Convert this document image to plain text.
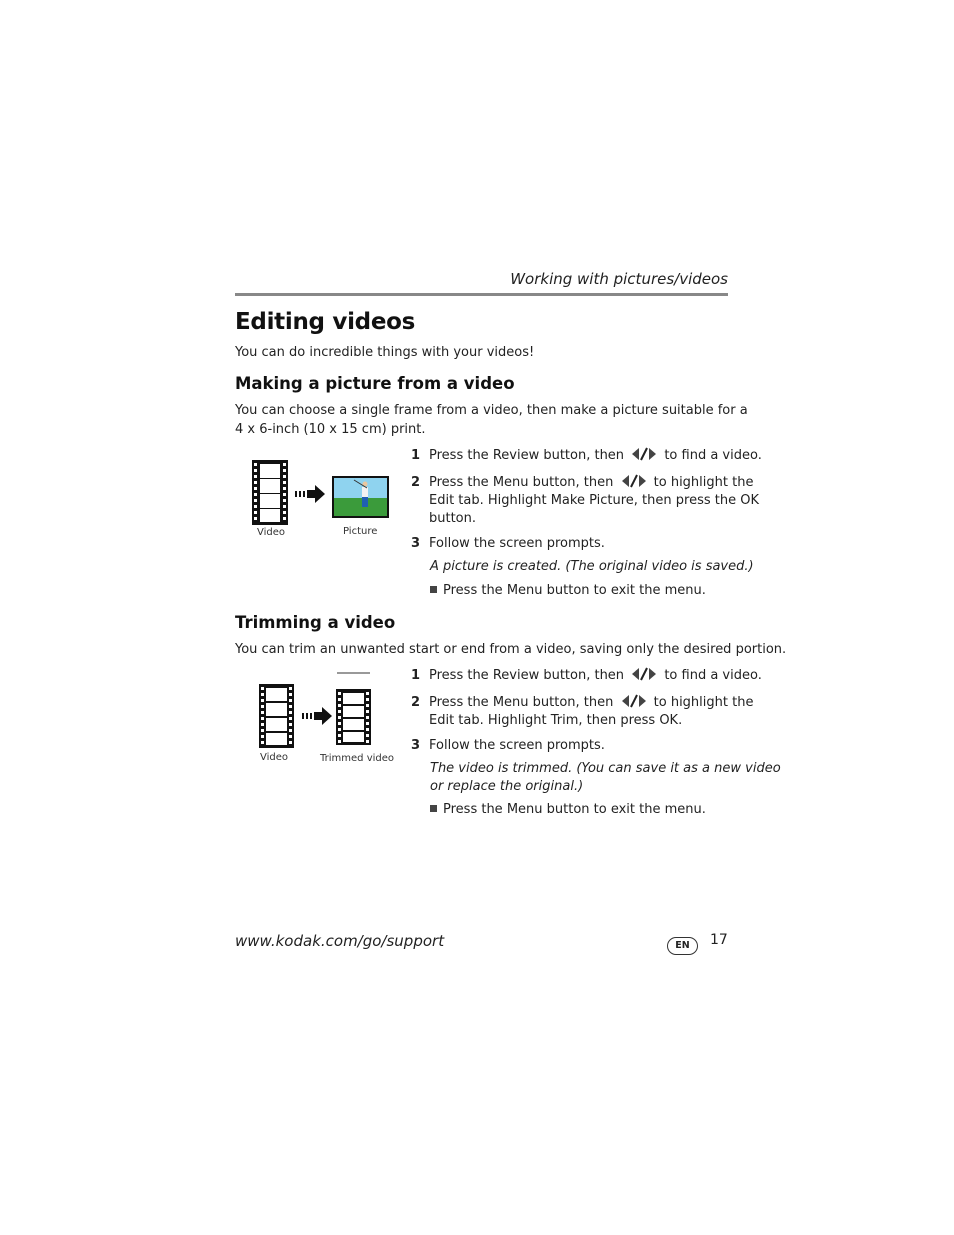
Working with pictures/videos
Editing videos
You can do incredible things with your videos!
Making a picture from a video
You can choose a single frame from a video, then make a picture suitable for a
4 x 6-inch (10 x 15 cm) print.
Video	Picture
1 Press the Review button, then	to find a video.
2 Press the Menu button, then	to highlight the
Edit tab. Highlight Make Picture, then press the OK
button.
3 Follow the screen prompts.
A picture is created. (The original video is saved.)
Press the Menu button to exit the menu.
Trimming a video
You can trim an unwanted start or end from a video, saving only the desired portion.
Video	Trimmed video
1 Press the Review button, then	to find a video.
2 Press the Menu button, then	to highlight the
Edit tab. Highlight Trim, then press OK.
3 Follow the screen prompts.
The video is trimmed. (You can save it as a new video
or replace the original.)
Press the Menu button to exit the menu.
www.kodak.com/go/support	EN	17
